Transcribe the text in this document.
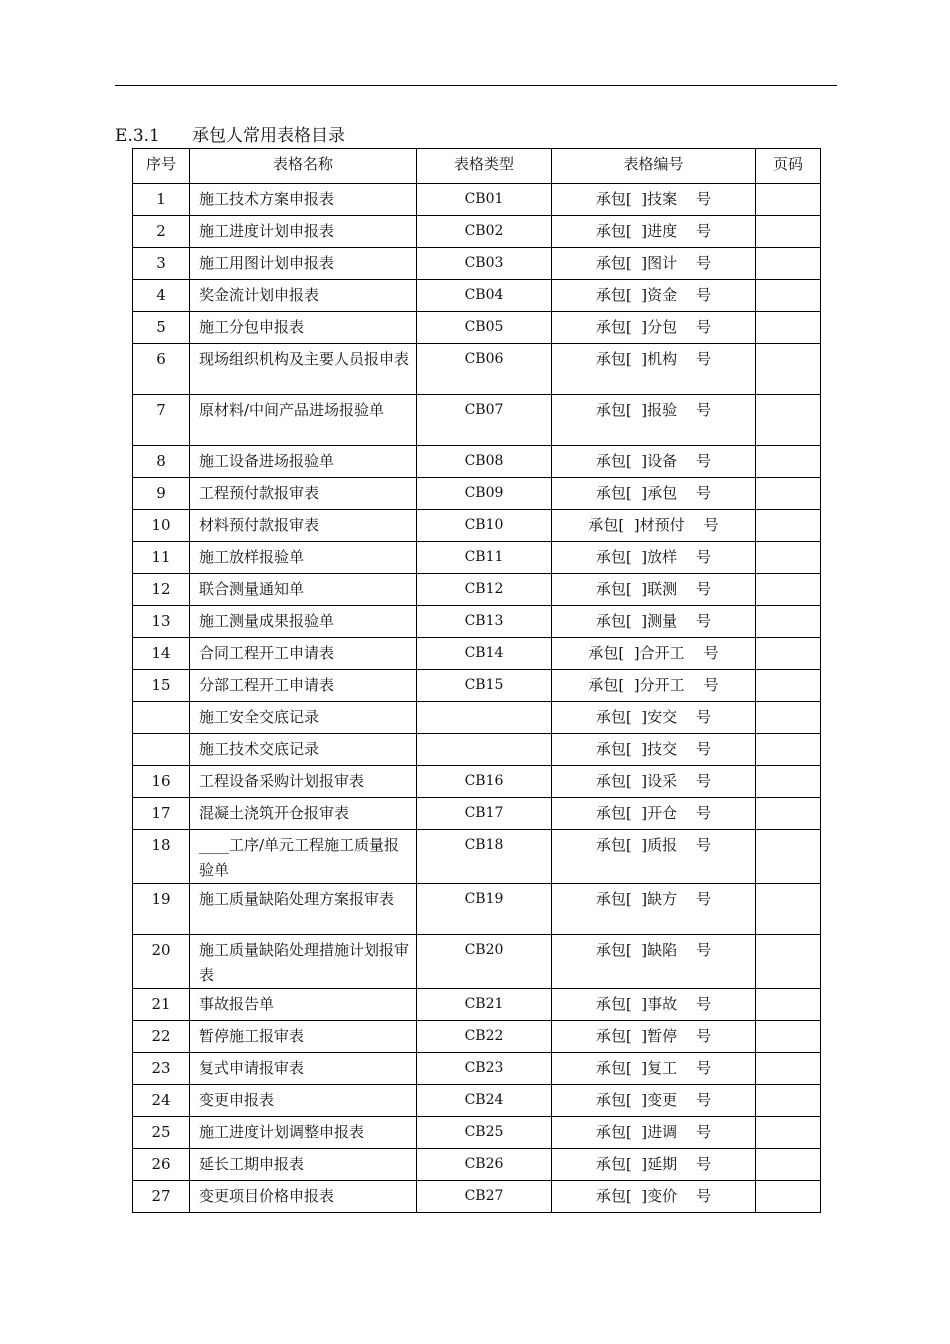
E.3.1 承包人常用表格目录
序号	表格名称	表格类型	表格编号	页码
1	施工技术方案申报表	CB01	承包[  ]技案    号	
2	施工进度计划申报表	CB02	承包[  ]进度    号	
3	施工用图计划申报表	CB03	承包[  ]图计    号	
4	奖金流计划申报表	CB04	承包[  ]资金    号	
5	施工分包申报表	CB05	承包[  ]分包    号	
6	现场组织机构及主要人员报申表	CB06	承包[  ]机构    号	
7	原材料/中间产品进场报验单	CB07	承包[  ]报验    号	
8	施工设备进场报验单	CB08	承包[  ]设备    号	
9	工程预付款报审表	CB09	承包[  ]承包    号	
10	材料预付款报审表	CB10	承包[  ]材预付    号	
11	施工放样报验单	CB11	承包[  ]放样    号	
12	联合测量通知单	CB12	承包[  ]联测    号	
13	施工测量成果报验单	CB13	承包[  ]测量    号	
14	合同工程开工申请表	CB14	承包[  ]合开工    号	
15	分部工程开工申请表	CB15	承包[  ]分开工    号	
	施工安全交底记录		承包[  ]安交    号	
	施工技术交底记录		承包[  ]技交    号	
16	工程设备采购计划报审表	CB16	承包[  ]设采    号	
17	混凝土浇筑开仓报审表	CB17	承包[  ]开仓    号	
18	____工序/单元工程施工质量报验单	CB18	承包[  ]质报    号	
19	施工质量缺陷处理方案报审表	CB19	承包[  ]缺方    号	
20	施工质量缺陷处理措施计划报审表	CB20	承包[  ]缺陷    号	
21	事故报告单	CB21	承包[  ]事故    号	
22	暂停施工报审表	CB22	承包[  ]暂停    号	
23	复式申请报审表	CB23	承包[  ]复工    号	
24	变更申报表	CB24	承包[  ]变更    号	
25	施工进度计划调整申报表	CB25	承包[  ]进调    号	
26	延长工期申报表	CB26	承包[  ]延期    号	
27	变更项目价格申报表	CB27	承包[  ]变价    号	
